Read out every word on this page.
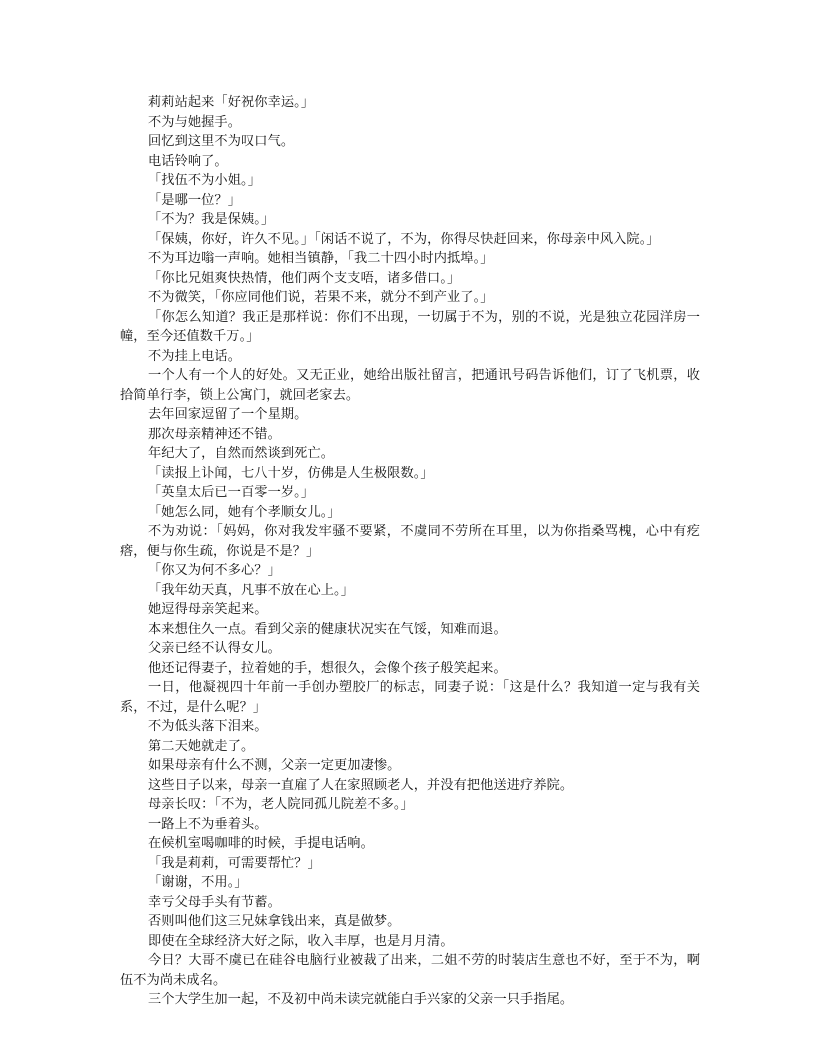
莉莉站起来「好祝你幸运。」

不为与她握手。

回忆到这里不为叹口气。

电话铃响了。

「找伍不为小姐。」

「是哪一位？」

「不为？我是保姨。」

「保姨，你好，许久不见。」「闲话不说了，不为，你得尽快赶回来，你母亲中风入院。」

不为耳边嗡一声响。她相当镇静，「我二十四小时内抵埠。」

「你比兄姐爽快热情，他们两个支支唔，诸多借口。」

不为微笑，「你应同他们说，若果不来，就分不到产业了。」

「你怎么知道？我正是那样说：你们不出现，一切属于不为，别的不说，光是独立花园洋房一幢，至今还值数千万。」

不为挂上电话。

一个人有一个人的好处。又无正业，她给出版社留言，把通讯号码告诉他们，订了飞机票，收拾简单行李，锁上公寓门，就回老家去。

去年回家逗留了一个星期。

那次母亲精神还不错。

年纪大了，自然而然谈到死亡。

「读报上讣闻，七八十岁，仿佛是人生极限数。」

「英皇太后已一百零一岁。」

「她怎么同，她有个孝顺女儿。」

不为劝说：「妈妈，你对我发牢骚不要紧，不虞同不劳所在耳里，以为你指桑骂槐，心中有疙瘩，便与你生疏，你说是不是？」

「你又为何不多心？」

「我年幼天真，凡事不放在心上。」

她逗得母亲笑起来。

本来想住久一点。看到父亲的健康状况实在气馁，知难而退。

父亲已经不认得女儿。

他还记得妻子，拉着她的手，想很久，会像个孩子般笑起来。

一日，他凝视四十年前一手创办塑胶厂的标志，同妻子说：「这是什么？我知道一定与我有关系，不过，是什么呢？」

不为低头落下泪来。

第二天她就走了。

如果母亲有什么不测，父亲一定更加凄惨。

这些日子以来，母亲一直雇了人在家照顾老人，并没有把他送进疗养院。

母亲长叹：「不为，老人院同孤儿院差不多。」

一路上不为垂着头。

在候机室喝咖啡的时候，手提电话响。

「我是莉莉，可需要帮忙？」

「谢谢，不用。」

幸亏父母手头有节蓄。

否则叫他们这三兄妹拿钱出来，真是做梦。

即使在全球经济大好之际，收入丰厚，也是月月清。

今日？大哥不虞已在硅谷电脑行业被裁了出来，二姐不劳的时装店生意也不好，至于不为，啊伍不为尚未成名。

三个大学生加一起，不及初中尚未读完就能白手兴家的父亲一只手指尾。
